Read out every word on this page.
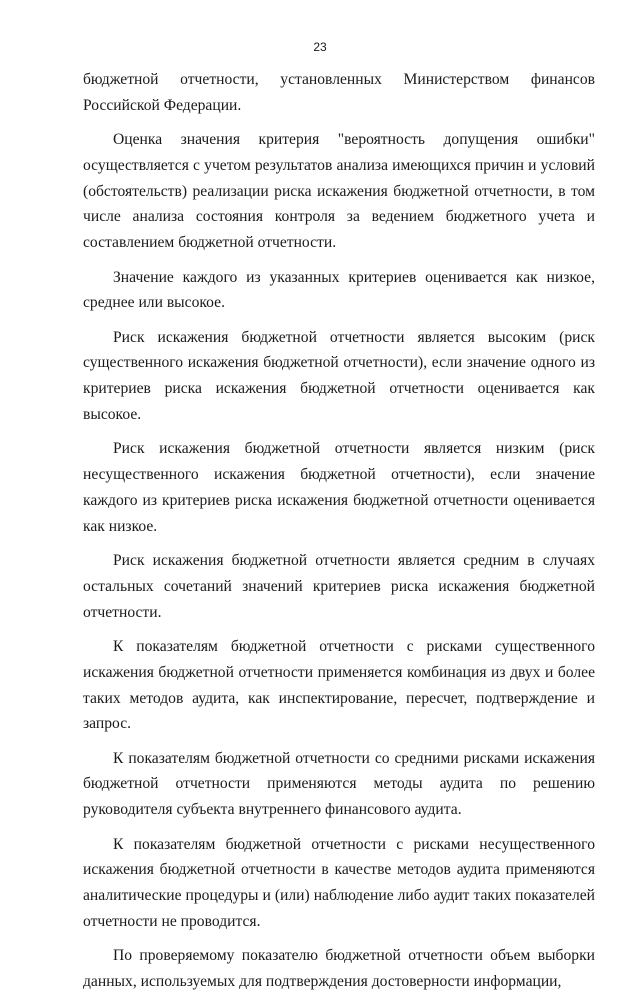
23

бюджетной отчетности, установленных Министерством финансов Российской Федерации.

Оценка значения критерия "вероятность допущения ошибки" осуществляется с учетом результатов анализа имеющихся причин и условий (обстоятельств) реализации риска искажения бюджетной отчетности, в том числе анализа состояния контроля за ведением бюджетного учета и составлением бюджетной отчетности.

Значение каждого из указанных критериев оценивается как низкое, среднее или высокое.

Риск искажения бюджетной отчетности является высоким (риск существенного искажения бюджетной отчетности), если значение одного из критериев риска искажения бюджетной отчетности оценивается как высокое.

Риск искажения бюджетной отчетности является низким (риск несущественного искажения бюджетной отчетности), если значение каждого из критериев риска искажения бюджетной отчетности оценивается как низкое.

Риск искажения бюджетной отчетности является средним в случаях остальных сочетаний значений критериев риска искажения бюджетной отчетности.

К показателям бюджетной отчетности с рисками существенного искажения бюджетной отчетности применяется комбинация из двух и более таких методов аудита, как инспектирование, пересчет, подтверждение и запрос.

К показателям бюджетной отчетности со средними рисками искажения бюджетной отчетности применяются методы аудита по решению руководителя субъекта внутреннего финансового аудита.

К показателям бюджетной отчетности с рисками несущественного искажения бюджетной отчетности в качестве методов аудита применяются аналитические процедуры и (или) наблюдение либо аудит таких показателей отчетности не проводится.

По проверяемому показателю бюджетной отчетности объем выборки данных, используемых для подтверждения достоверности информации,
